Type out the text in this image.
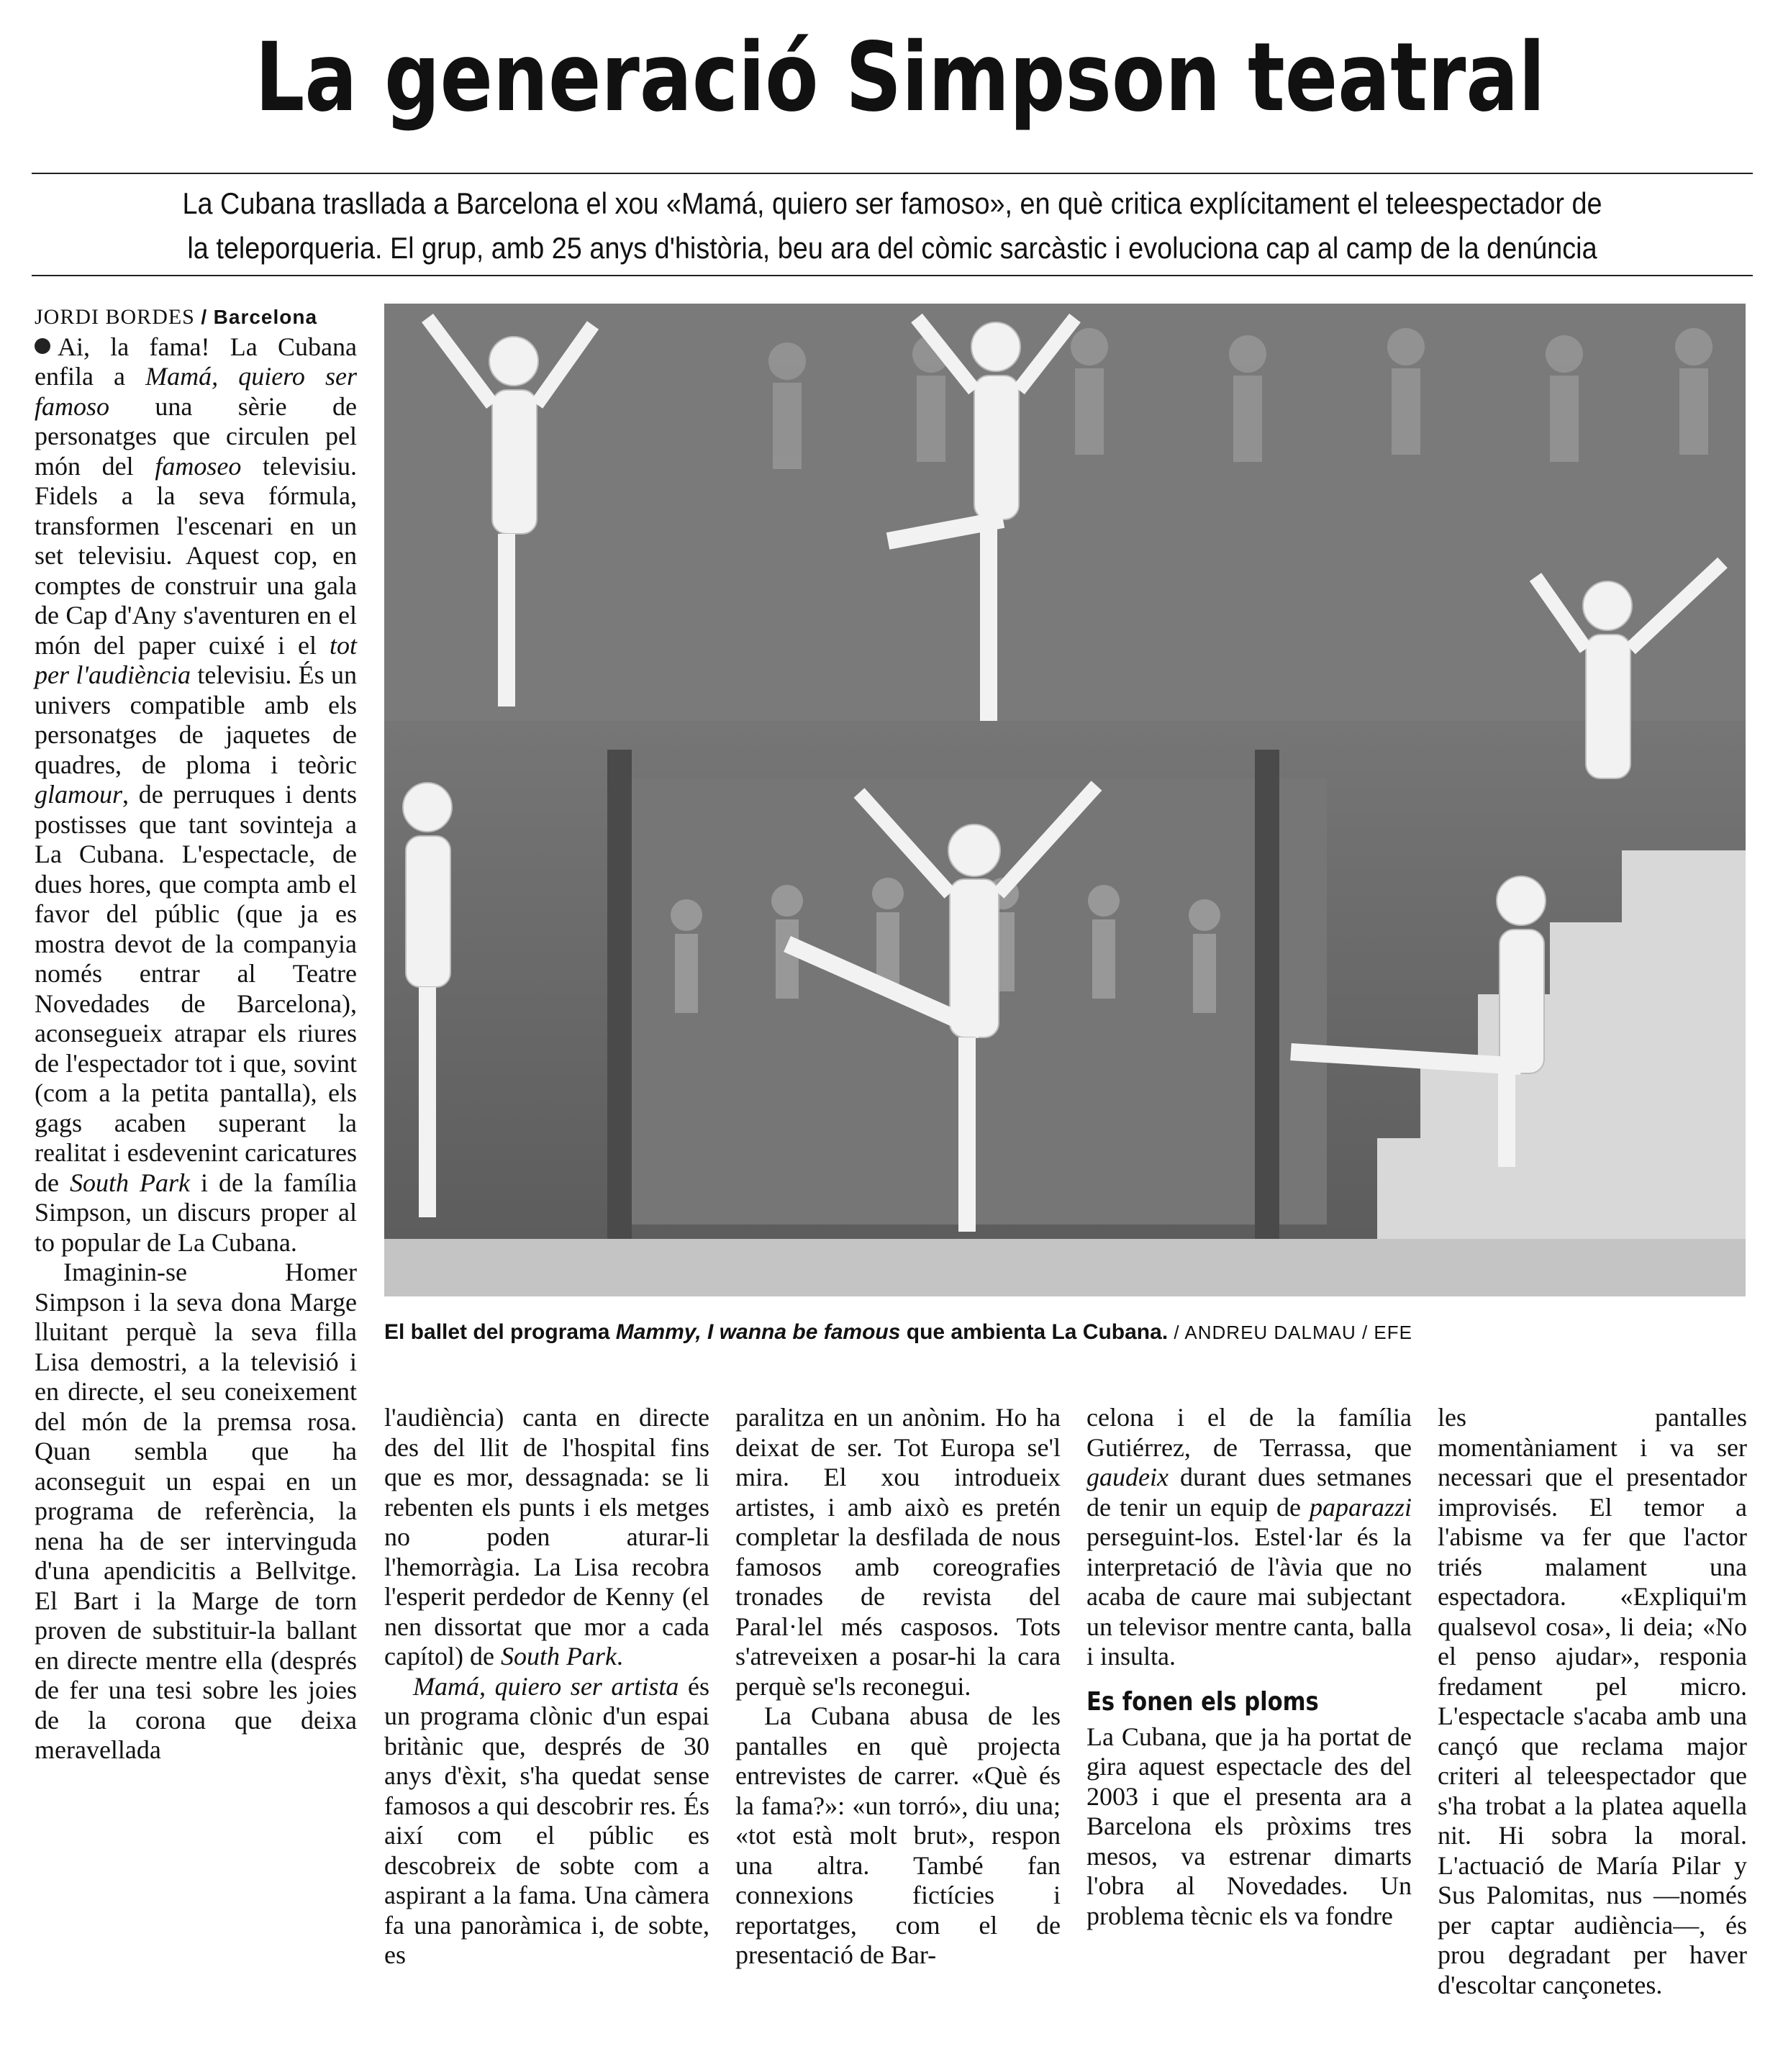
La generació Simpson teatral
La Cubana trasllada a Barcelona el xou «Mamá, quiero ser famoso», en què critica explícitament el teleespectador de
la teleporqueria. El grup, amb 25 anys d'història, beu ara del còmic sarcàstic i evoluciona cap al camp de la denúncia

JORDI BORDES / Barcelona

Ai, la fama! La Cubana enfila a Mamá, quiero ser famoso una sèrie de personatges que circulen pel món del famoseo televisiu. Fidels a la seva fórmula, transformen l'escenari en un set televisiu. Aquest cop, en comptes de construir una gala de Cap d'Any s'aventuren en el món del paper cuixé i el tot per l'audiència televisiu. És un univers compatible amb els personatges de jaquetes de quadres, de ploma i teòric glamour, de perruques i dents postisses que tant sovinteja a La Cubana. L'espectacle, de dues hores, que compta amb el favor del públic (que ja es mostra devot de la companyia només entrar al Teatre Novedades de Barcelona), aconsegueix atrapar els riures de l'espectador tot i que, sovint (com a la petita pantalla), els gags acaben superant la realitat i esdevenint caricatures de South Park i de la família Simpson, un discurs proper al to popular de La Cubana.

Imaginin-se Homer Simpson i la seva dona Marge lluitant perquè la seva filla Lisa demostri, a la televisió i en directe, el seu coneixement del món de la premsa rosa. Quan sembla que ha aconseguit un espai en un programa de referència, la nena ha de ser intervinguda d'una apendicitis a Bellvitge. El Bart i la Marge de torn proven de substituir-la ballant en directe mentre ella (després de fer una tesi sobre les joies de la corona que deixa meravellada

El ballet del programa Mammy, I wanna be famous que ambienta La Cubana. / ANDREU DALMAU / EFE

l'audiència) canta en directe des del llit de l'hospital fins que es mor, dessagnada: se li rebenten els punts i els metges no poden aturar-li l'hemorràgia. La Lisa recobra l'esperit perdedor de Kenny (el nen dissortat que mor a cada capítol) de South Park.

Mamá, quiero ser artista és un programa clònic d'un espai britànic que, després de 30 anys d'èxit, s'ha quedat sense famosos a qui descobrir res. És així com el públic es descobreix de sobte com a aspirant a la fama. Una càmera fa una panoràmica i, de sobte, es

paralitza en un anònim. Ho ha deixat de ser. Tot Europa se'l mira. El xou introdueix artistes, i amb això es pretén completar la desfilada de nous famosos amb coreografies tronades de revista del Paral·lel més casposos. Tots s'atreveixen a posar-hi la cara perquè se'ls reconegui.

La Cubana abusa de les pantalles en què projecta entrevistes de carrer. «Què és la fama?»: «un torró», diu una; «tot està molt brut», respon una altra. També fan connexions fictícies i reportatges, com el de presentació de Bar-

celona i el de la família Gutiérrez, de Terrassa, que gaudeix durant dues setmanes de tenir un equip de paparazzi perseguint-los. Estel·lar és la interpretació de l'àvia que no acaba de caure mai subjectant un televisor mentre canta, balla i insulta.

Es fonen els ploms

La Cubana, que ja ha portat de gira aquest espectacle des del 2003 i que el presenta ara a Barcelona els pròxims tres mesos, va estrenar dimarts l'obra al Novedades. Un problema tècnic els va fondre

les pantalles momentàniament i va ser necessari que el presentador improvisés. El temor a l'abisme va fer que l'actor triés malament una espectadora. «Expliqui'm qualsevol cosa», li deia; «No el penso ajudar», responia fredament pel micro. L'espectacle s'acaba amb una cançó que reclama major criteri al teleespectador que s'ha trobat a la platea aquella nit. Hi sobra la moral. L'actuació de María Pilar y Sus Palomitas, nus —només per captar audiència—, és prou degradant per haver d'escoltar cançonetes.
